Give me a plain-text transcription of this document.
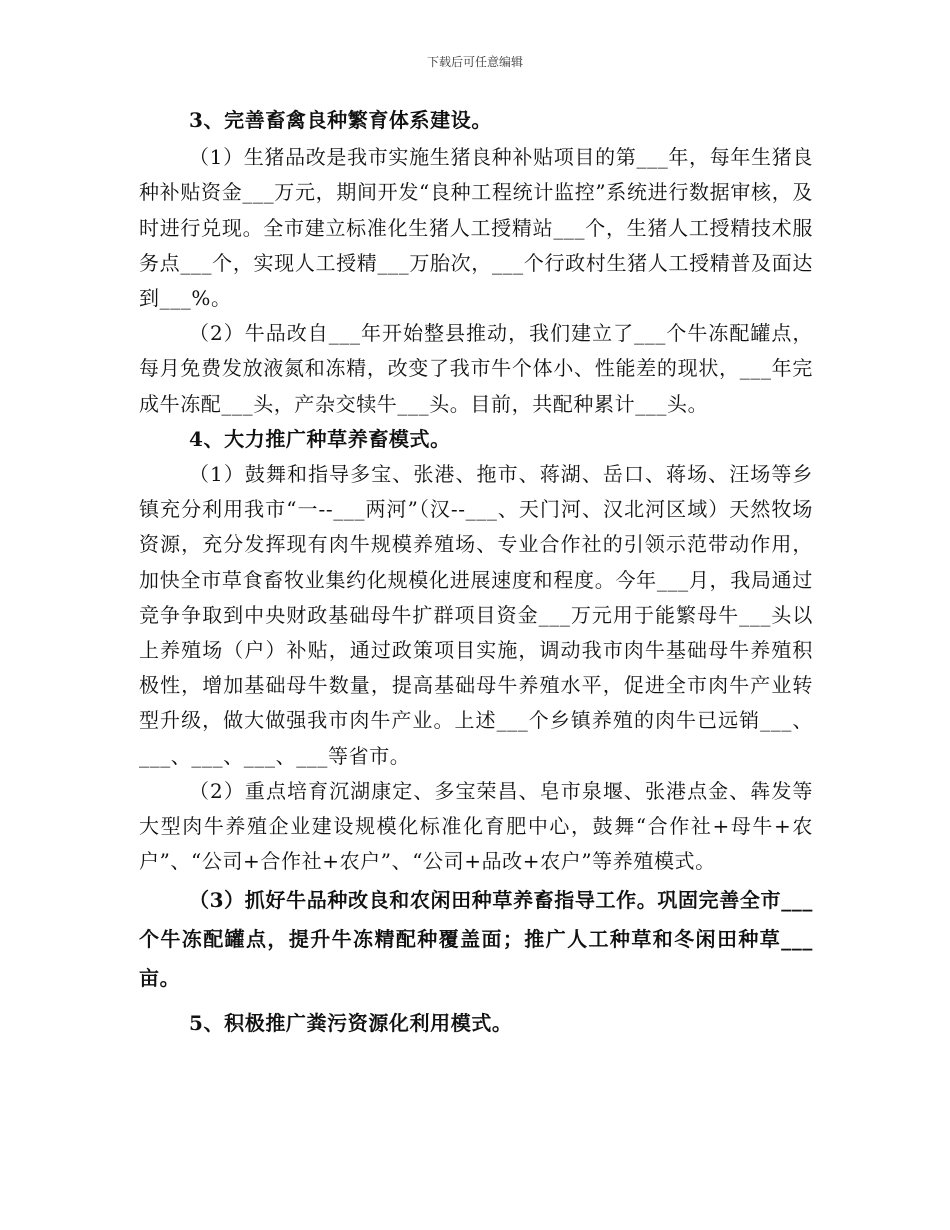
下载后可任意编辑

3、完善畜禽良种繁育体系建设。

（1）生猪品改是我市实施生猪良种补贴项目的第___年，每年生猪良种补贴资金___万元，期间开发“良种工程统计监控”系统进行数据审核，及时进行兑现。全市建立标准化生猪人工授精站___个，生猪人工授精技术服务点___个，实现人工授精___万胎次，___个行政村生猪人工授精普及面达到___%。

（2）牛品改自___年开始整县推动，我们建立了___个牛冻配罐点，每月免费发放液氮和冻精，改变了我市牛个体小、性能差的现状，___年完成牛冻配___头，产杂交犊牛___头。目前，共配种累计___头。

4、大力推广种草养畜模式。

（1）鼓舞和指导多宝、张港、拖市、蒋湖、岳口、蒋场、汪场等乡镇充分利用我市“一--___两河”（汉--___、天门河、汉北河区域）天然牧场资源，充分发挥现有肉牛规模养殖场、专业合作社的引领示范带动作用，加快全市草食畜牧业集约化规模化进展速度和程度。今年___月，我局通过竞争争取到中央财政基础母牛扩群项目资金___万元用于能繁母牛___头以上养殖场（户）补贴，通过政策项目实施，调动我市肉牛基础母牛养殖积极性，增加基础母牛数量，提高基础母牛养殖水平，促进全市肉牛产业转型升级，做大做强我市肉牛产业。上述___个乡镇养殖的肉牛已远销___、___、___、___、___等省市。

（2）重点培育沉湖康定、多宝荣昌、皂市泉堰、张港点金、犇发等大型肉牛养殖企业建设规模化标准化育肥中心，鼓舞“合作社+母牛+农户”、“公司+合作社+农户”、“公司+品改+农户”等养殖模式。

（3）抓好牛品种改良和农闲田种草养畜指导工作。巩固完善全市___个牛冻配罐点，提升牛冻精配种覆盖面；推广人工种草和冬闲田种草___亩。

5、积极推广粪污资源化利用模式。
